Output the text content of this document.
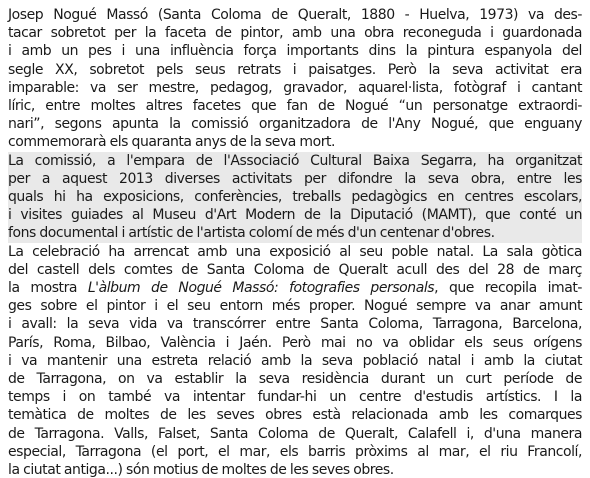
Josep Nogué Massó (Santa Coloma de Queralt, 1880 - Huelva, 1973) va des-
tacar sobretot per la faceta de pintor, amb una obra reconeguda i guardonada
i amb un pes i una influència força importants dins la pintura espanyola del
segle XX, sobretot pels seus retrats i paisatges. Però la seva activitat era
imparable: va ser mestre, pedagog, gravador, aquarel·lista, fotògraf i cantant
líric, entre moltes altres facetes que fan de Nogué “un personatge extraordi-
nari”, segons apunta la comissió organitzadora de l'Any Nogué, que enguany
commemorarà els quaranta anys de la seva mort.
La comissió, a l'empara de l'Associació Cultural Baixa Segarra, ha organitzat
per a aquest 2013 diverses activitats per difondre la seva obra, entre les
quals hi ha exposicions, conferències, treballs pedagògics en centres escolars,
i visites guiades al Museu d'Art Modern de la Diputació (MAMT), que conté un
fons documental i artístic de l'artista colomí de més d'un centenar d'obres.
La celebració ha arrencat amb una exposició al seu poble natal. La sala gòtica
del castell dels comtes de Santa Coloma de Queralt acull des del 28 de març
la mostra L'àlbum de Nogué Massó: fotografies personals, que recopila imat-
ges sobre el pintor i el seu entorn més proper. Nogué sempre va anar amunt
i avall: la seva vida va transcórrer entre Santa Coloma, Tarragona, Barcelona,
París, Roma, Bilbao, València i Jaén. Però mai no va oblidar els seus orígens
i va mantenir una estreta relació amb la seva població natal i amb la ciutat
de Tarragona, on va establir la seva residència durant un curt període de
temps i on també va intentar fundar-hi un centre d'estudis artístics. I la
temàtica de moltes de les seves obres està relacionada amb les comarques
de Tarragona. Valls, Falset, Santa Coloma de Queralt, Calafell i, d'una manera
especial, Tarragona (el port, el mar, els barris pròxims al mar, el riu Francolí,
la ciutat antiga...) són motius de moltes de les seves obres.
